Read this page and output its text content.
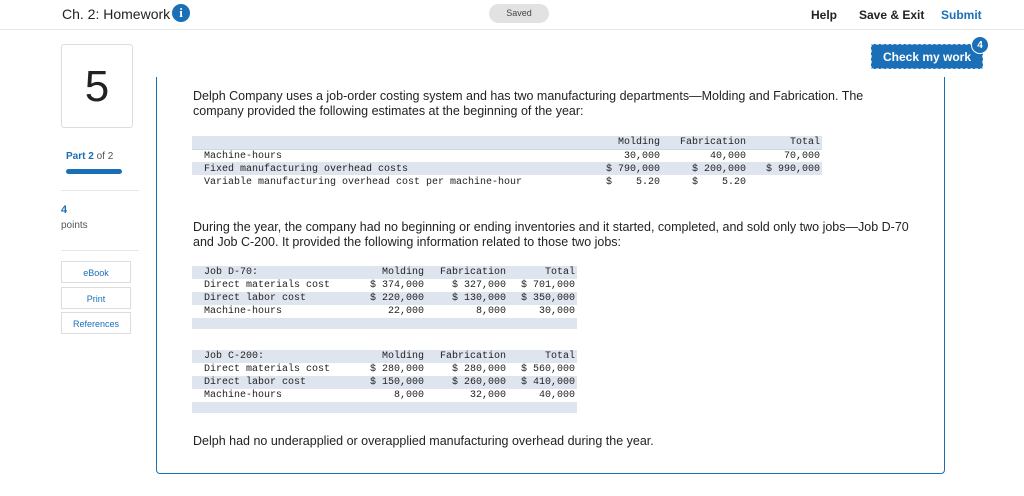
Ch. 2: Homework i	Saved	Help Save & Exit Submit
Check my work
4
5
Part 2 of 2
4
points
eBook
Print
References
Delph Company uses a job-order costing system and has two manufacturing departments—Molding and Fabrication. The company provided the following estimates at the beginning of the year:
	Molding	Fabrication	Total
Machine-hours	30,000	40,000	70,000
Fixed manufacturing overhead costs	$ 790,000	$ 200,000	$ 990,000
Variable manufacturing overhead cost per machine-hour	$    5.20	$    5.20	
During the year, the company had no beginning or ending inventories and it started, completed, and sold only two jobs—Job D-70 and Job C-200. It provided the following information related to those two jobs:
Job D-70:	Molding	Fabrication	Total
Direct materials cost	$ 374,000	$ 327,000	$ 701,000
Direct labor cost	$ 220,000	$ 130,000	$ 350,000
Machine-hours	22,000	8,000	30,000
Job C-200:	Molding	Fabrication	Total
Direct materials cost	$ 280,000	$ 280,000	$ 560,000
Direct labor cost	$ 150,000	$ 260,000	$ 410,000
Machine-hours	8,000	32,000	40,000
Delph had no underapplied or overapplied manufacturing overhead during the year.
